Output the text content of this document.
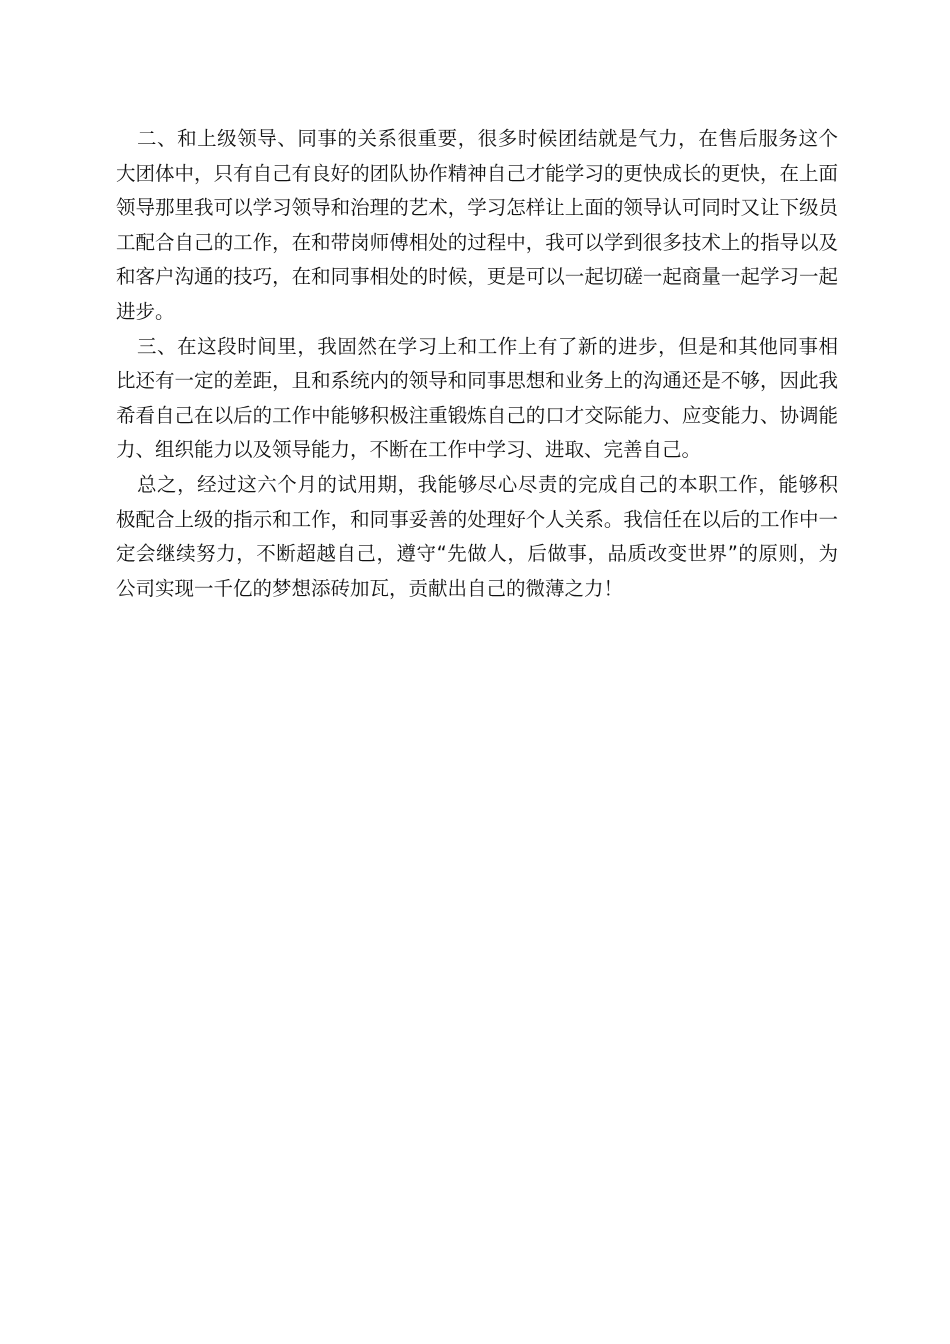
二、和上级领导、同事的关系很重要，很多时候团结就是气力，在售后服务这个大团体中，只有自己有良好的团队协作精神自己才能学习的更快成长的更快，在上面领导那里我可以学习领导和治理的艺术，学习怎样让上面的领导认可同时又让下级员工配合自己的工作，在和带岗师傅相处的过程中，我可以学到很多技术上的指导以及和客户沟通的技巧，在和同事相处的时候，更是可以一起切磋一起商量一起学习一起进步。

三、在这段时间里，我固然在学习上和工作上有了新的进步，但是和其他同事相比还有一定的差距，且和系统内的领导和同事思想和业务上的沟通还是不够，因此我希看自己在以后的工作中能够积极注重锻炼自己的口才交际能力、应变能力、协调能力、组织能力以及领导能力，不断在工作中学习、进取、完善自己。

总之，经过这六个月的试用期，我能够尽心尽责的完成自己的本职工作，能够积极配合上级的指示和工作，和同事妥善的处理好个人关系。我信任在以后的工作中一定会继续努力，不断超越自己，遵守“先做人，后做事，品质改变世界”的原则，为公司实现一千亿的梦想添砖加瓦，贡献出自己的微薄之力！
